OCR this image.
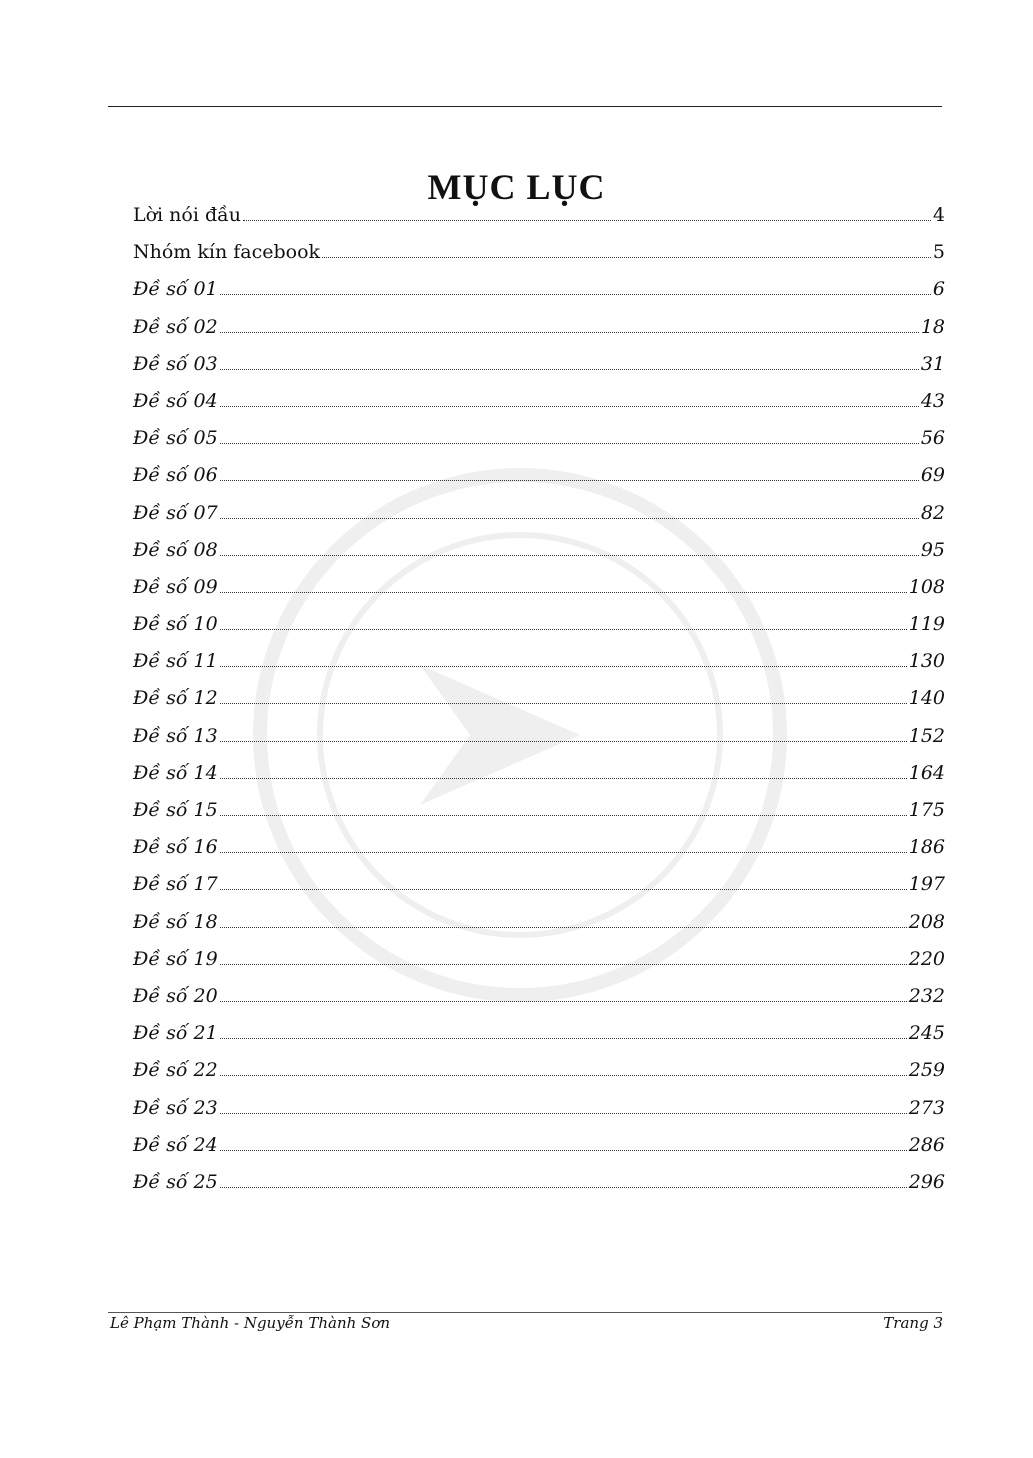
MỤC LỤC
Lời nói đầu	4
Nhóm kín facebook	5
Đề số 01	6
Đề số 02	18
Đề số 03	31
Đề số 04	43
Đề số 05	56
Đề số 06	69
Đề số 07	82
Đề số 08	95
Đề số 09	108
Đề số 10	119
Đề số 11	130
Đề số 12	140
Đề số 13	152
Đề số 14	164
Đề số 15	175
Đề số 16	186
Đề số 17	197
Đề số 18	208
Đề số 19	220
Đề số 20	232
Đề số 21	245
Đề số 22	259
Đề số 23	273
Đề số 24	286
Đề số 25	296
Lê Phạm Thành - Nguyễn Thành Sơn	Trang 3
